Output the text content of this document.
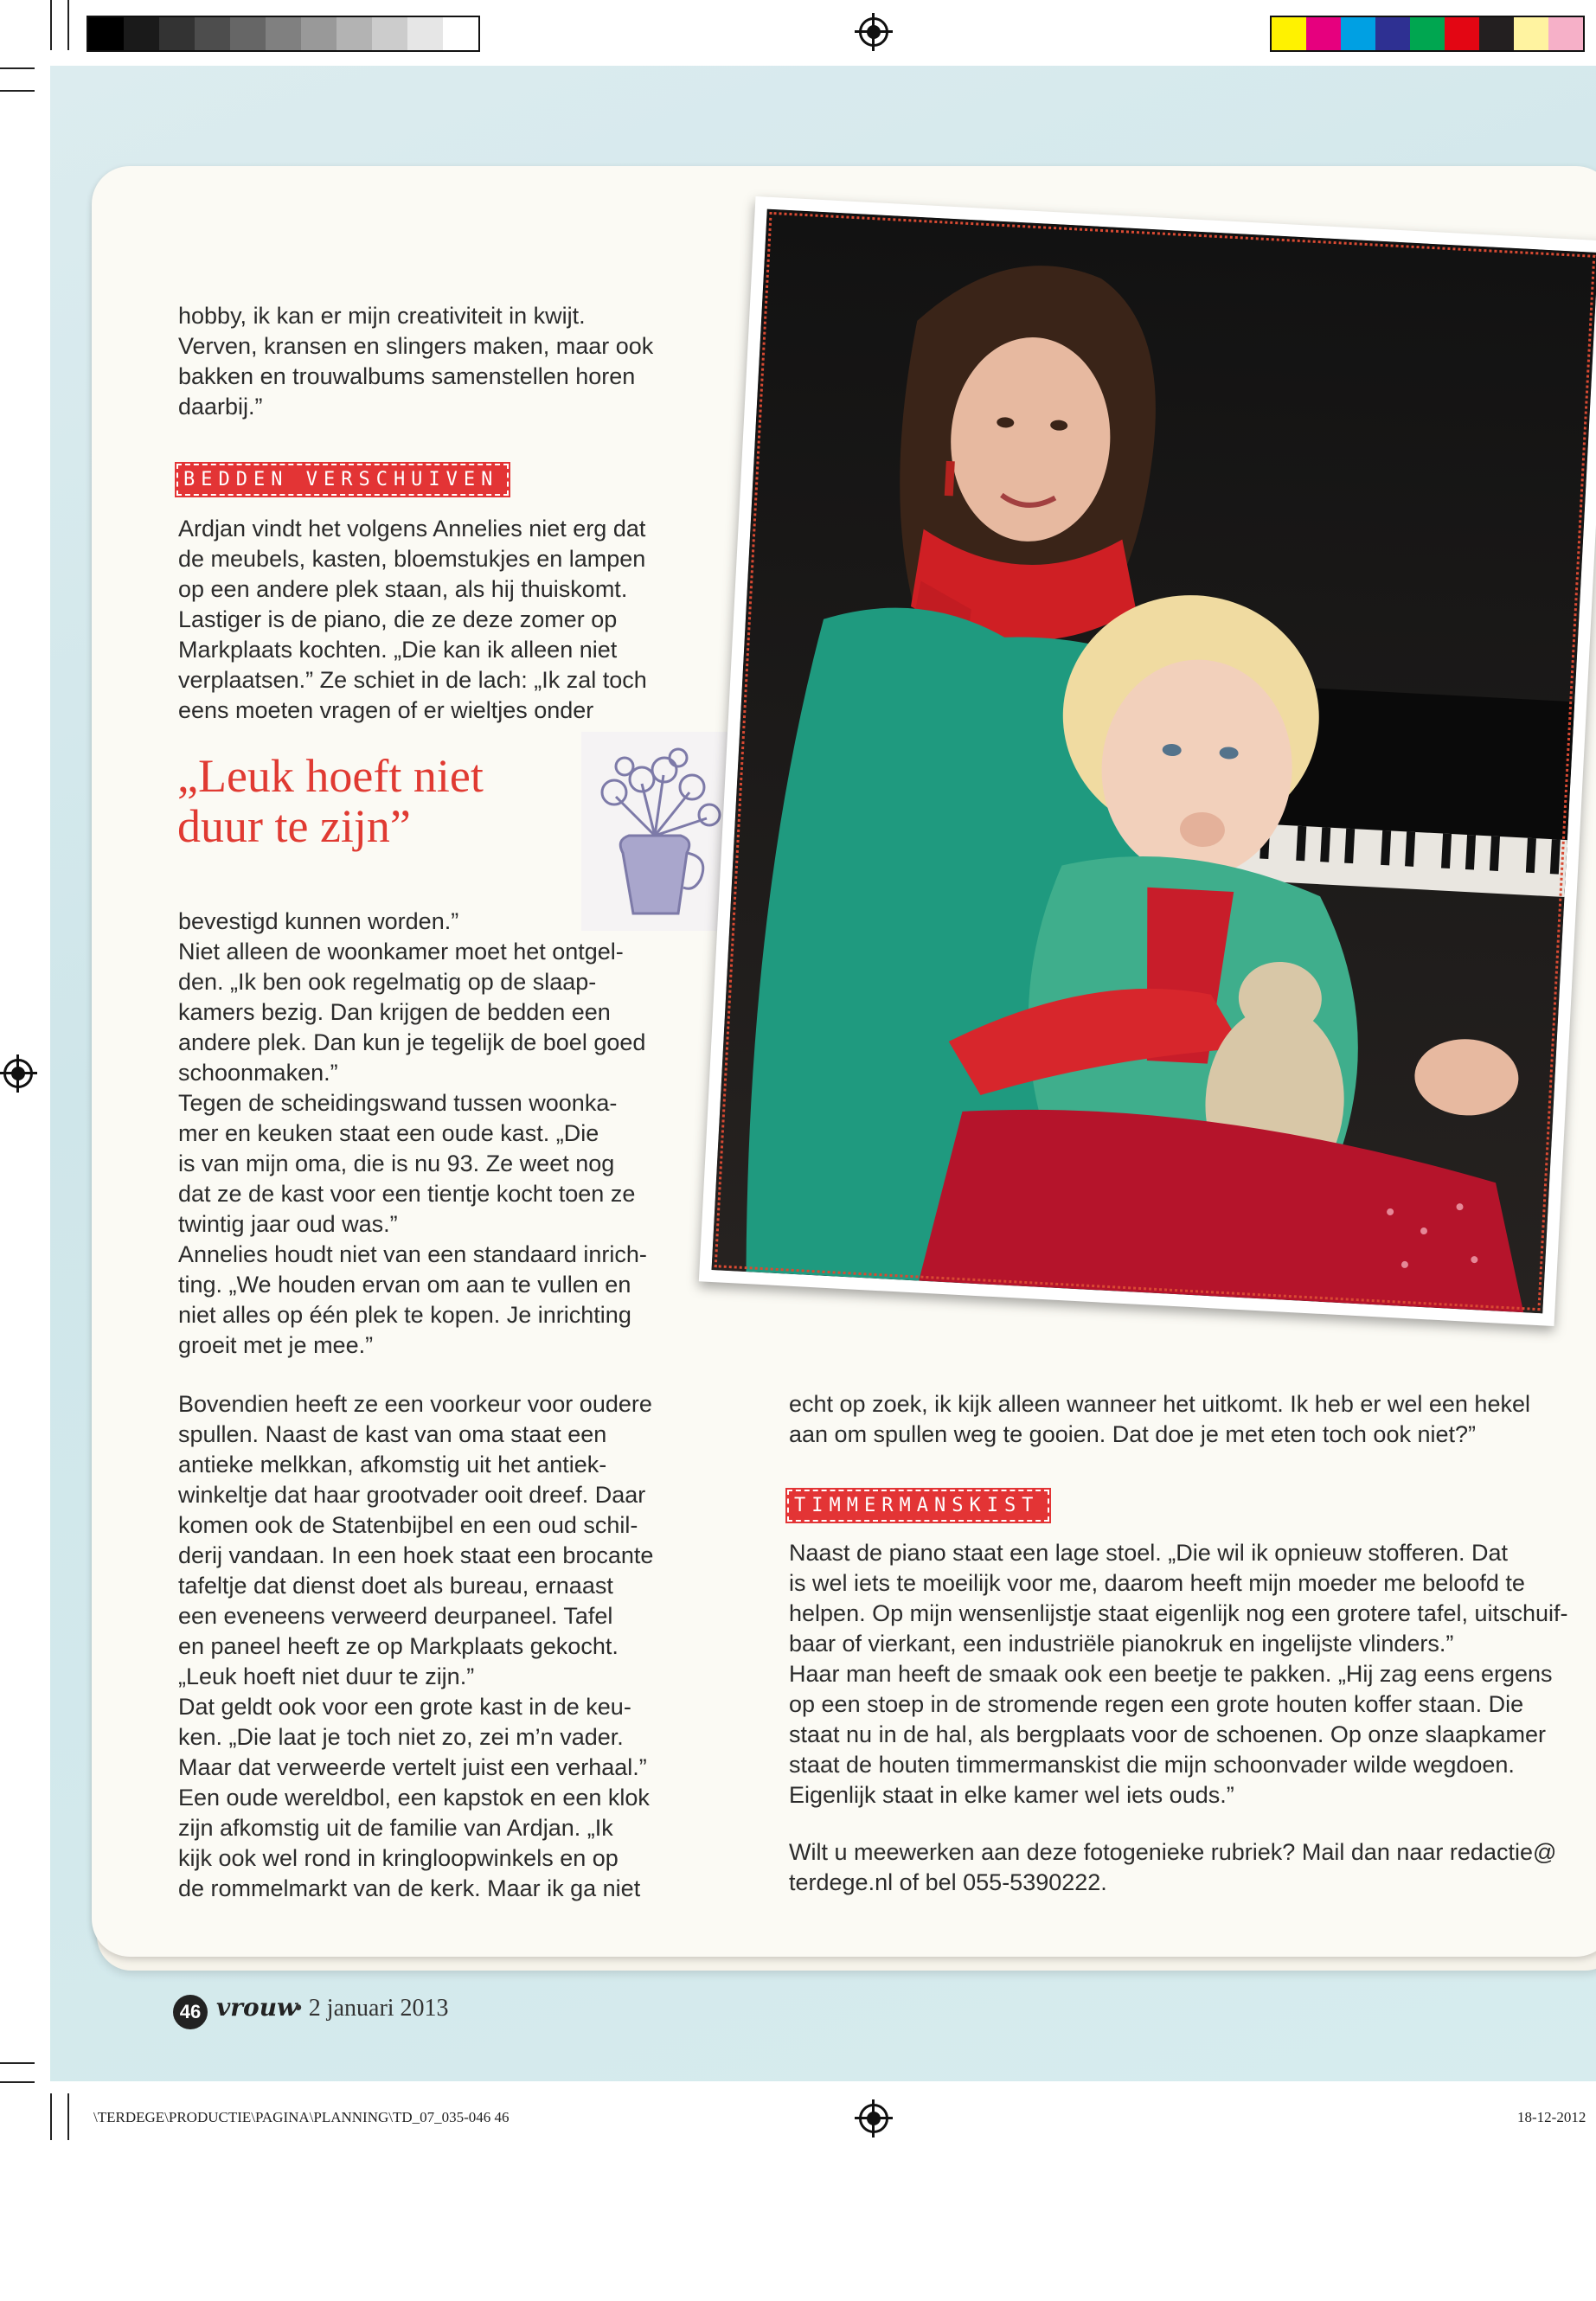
hobby, ik kan er mijn creativiteit in kwijt.
Verven, kransen en slingers maken, maar ook
bakken en trouwalbums samenstellen horen
daarbij.”

BEDDEN VERSCHUIVEN

Ardjan vindt het volgens Annelies niet erg dat
de meubels, kasten, bloemstukjes en lampen
op een andere plek staan, als hij thuiskomt.
Lastiger is de piano, die ze deze zomer op
Markplaats kochten. „Die kan ik alleen niet
verplaatsen.” Ze schiet in de lach: „Ik zal toch
eens moeten vragen of er wieltjes onder

„Leuk hoeft niet
duur te zijn”

bevestigd kunnen worden.”
Niet alleen de woonkamer moet het ontgel-
den. „Ik ben ook regelmatig op de slaap-
kamers bezig. Dan krijgen de bedden een
andere plek. Dan kun je tegelijk de boel goed
schoonmaken.”
Tegen de scheidingswand tussen woonka-
mer en keuken staat een oude kast. „Die
is van mijn oma, die is nu 93. Ze weet nog
dat ze de kast voor een tientje kocht toen ze
twintig jaar oud was.”
Annelies houdt niet van een standaard inrich-
ting. „We houden ervan om aan te vullen en
niet alles op één plek te kopen. Je inrichting
groeit met je mee.”

Bovendien heeft ze een voorkeur voor oudere
spullen. Naast de kast van oma staat een
antieke melkkan, afkomstig uit het antiek-
winkeltje dat haar grootvader ooit dreef. Daar
komen ook de Statenbijbel en een oud schil-
derij vandaan. In een hoek staat een brocante
tafeltje dat dienst doet als bureau, ernaast
een eveneens verweerd deurpaneel. Tafel
en paneel heeft ze op Markplaats gekocht.
„Leuk hoeft niet duur te zijn.”
Dat geldt ook voor een grote kast in de keu-
ken. „Die laat je toch niet zo, zei m’n vader.
Maar dat verweerde vertelt juist een verhaal.”
Een oude wereldbol, een kapstok en een klok
zijn afkomstig uit de familie van Ardjan. „Ik
kijk ook wel rond in kringloopwinkels en op
de rommelmarkt van de kerk. Maar ik ga niet

echt op zoek, ik kijk alleen wanneer het uitkomt. Ik heb er wel een hekel
aan om spullen weg te gooien. Dat doe je met eten toch ook niet?”

TIMMERMANSKIST

Naast de piano staat een lage stoel. „Die wil ik opnieuw stofferen. Dat
is wel iets te moeilijk voor me, daarom heeft mijn moeder me beloofd te
helpen. Op mijn wensenlijstje staat eigenlijk nog een grotere tafel, uitschuif-
baar of vierkant, een industriële pianokruk en ingelijste vlinders.”
Haar man heeft de smaak ook een beetje te pakken. „Hij zag eens ergens
op een stoep in de stromende regen een grote houten koffer staan. Die
staat nu in de hal, als bergplaats voor de schoenen. Op onze slaapkamer
staat de houten timmermanskist die mijn schoonvader wilde wegdoen.
Eigenlijk staat in elke kamer wel iets ouds.”

Wilt u meewerken aan deze fotogenieke rubriek? Mail dan naar redactie@
terdege.nl of bel 055-5390222.

46 vrouw
• 2 januari 2013
\TERDEGE\PRODUCTIE\PAGINA\PLANNING\TD_07_035-046 46	18-12-2012
